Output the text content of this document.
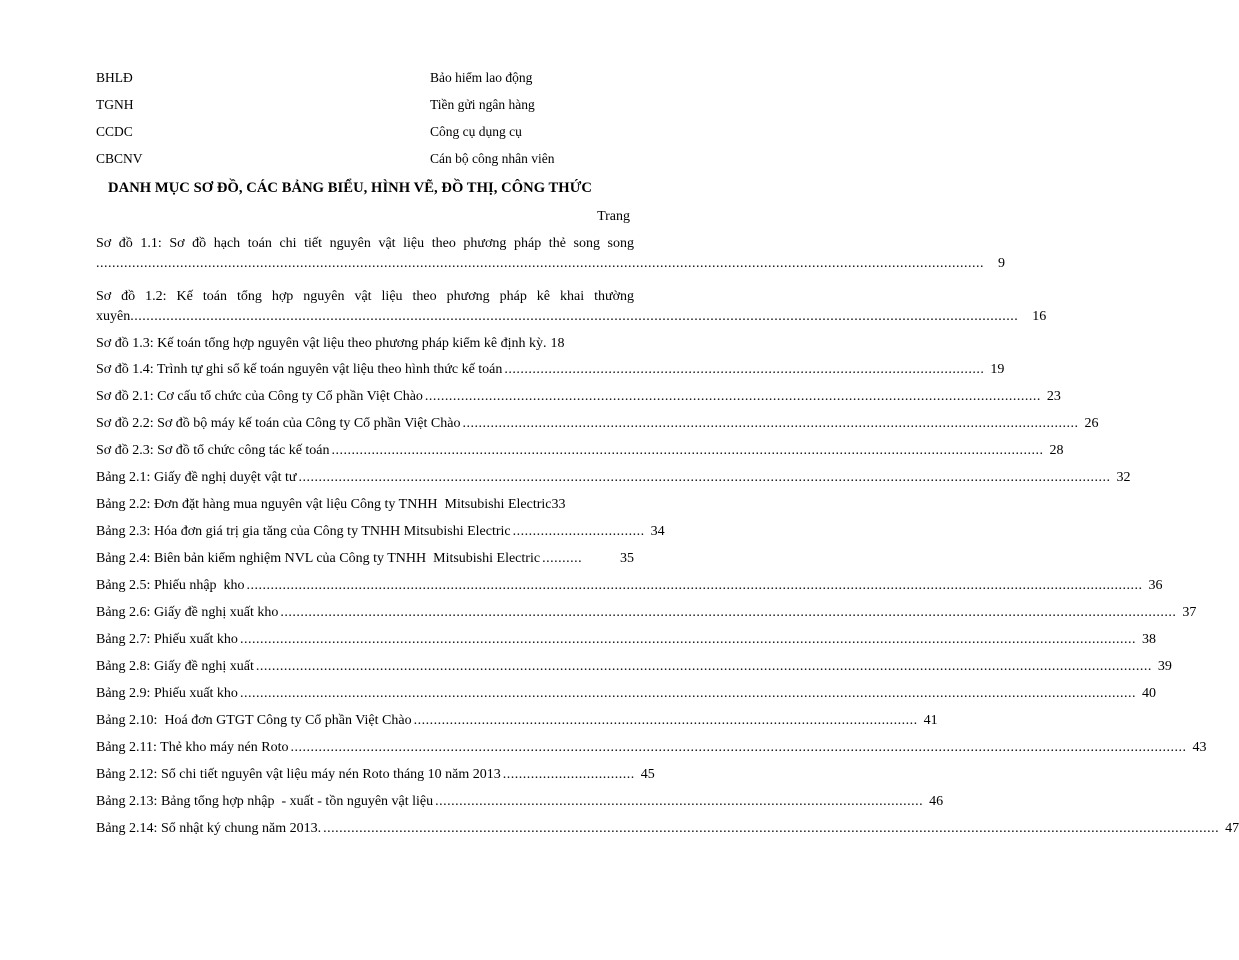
BHLĐ	Bảo hiểm lao động
TGNH	Tiền gửi ngân hàng
CCDC	Công cụ dụng cụ
CBCNV	Cán bộ công nhân viên
DANH MỤC SƠ ĐỒ, CÁC BẢNG BIỂU, HÌNH VẼ, ĐỒ THỊ, CÔNG THỨC
Trang
Sơ đồ 1.1: Sơ đồ hạch toán chi tiết nguyên vật liệu theo phương pháp thẻ song song
..............................................................................................................................................................................................................................	9
Sơ đồ 1.2: Kế toán tổng hợp nguyên vật liệu theo phương pháp kê khai thường
xuyên ..............................................................................................................................................................................................................................	16
Sơ đồ 1.3: Kế toán tổng hợp nguyên vật liệu theo phương pháp kiểm kê định kỳ. 18
Sơ đồ 1.4: Trình tự ghi sổ kế toán nguyên vật liệu theo hình thức kế toán ........................................................................................................................ 19
Sơ đồ 2.1: Cơ cấu tổ chức của Công ty Cổ phần Việt Chào .......................................................................................................................................................... 23
Sơ đồ 2.2: Sơ đồ bộ máy kế toán của Công ty Cổ phần Việt Chào .......................................................................................................................................................... 26
Sơ đồ 2.3: Sơ đồ tổ chức công tác kế toán .................................................................................................................................................................................. 28
Bảng 2.1: Giấy đề nghị duyệt vật tư ........................................................................................................................................................................................................... 32
Bảng 2.2: Đơn đặt hàng mua nguyên vật liệu Công ty TNHH  Mitsubishi Electric 33
Bảng 2.3: Hóa đơn giá trị gia tăng của Công ty TNHH Mitsubishi Electric ................................. 34
Bảng 2.4: Biên bản kiểm nghiệm NVL của Công ty TNHH  Mitsubishi Electric ..........	35
Bảng 2.5: Phiếu nhập  kho ................................................................................................................................................................................................................................ 36
Bảng 2.6: Giấy đề nghị xuất kho ................................................................................................................................................................................................................................ 37
Bảng 2.7: Phiếu xuất kho ................................................................................................................................................................................................................................ 38
Bảng 2.8: Giấy đề nghị xuất ................................................................................................................................................................................................................................ 39
Bảng 2.9: Phiếu xuất kho ................................................................................................................................................................................................................................ 40
Bảng 2.10:  Hoá đơn GTGT Công ty Cổ phần Việt Chào .............................................................................................................................. 41
Bảng 2.11: Thẻ kho máy nén Roto ................................................................................................................................................................................................................................ 43
Bảng 2.12: Sổ chi tiết nguyên vật liệu máy nén Roto tháng 10 năm 2013 ................................. 45
Bảng 2.13: Bảng tổng hợp nhập  - xuất - tồn nguyên vật liệu .......................................................................................................................... 46
Bảng 2.14: Sổ nhật ký chung năm 2013. ................................................................................................................................................................................................................................ 47
